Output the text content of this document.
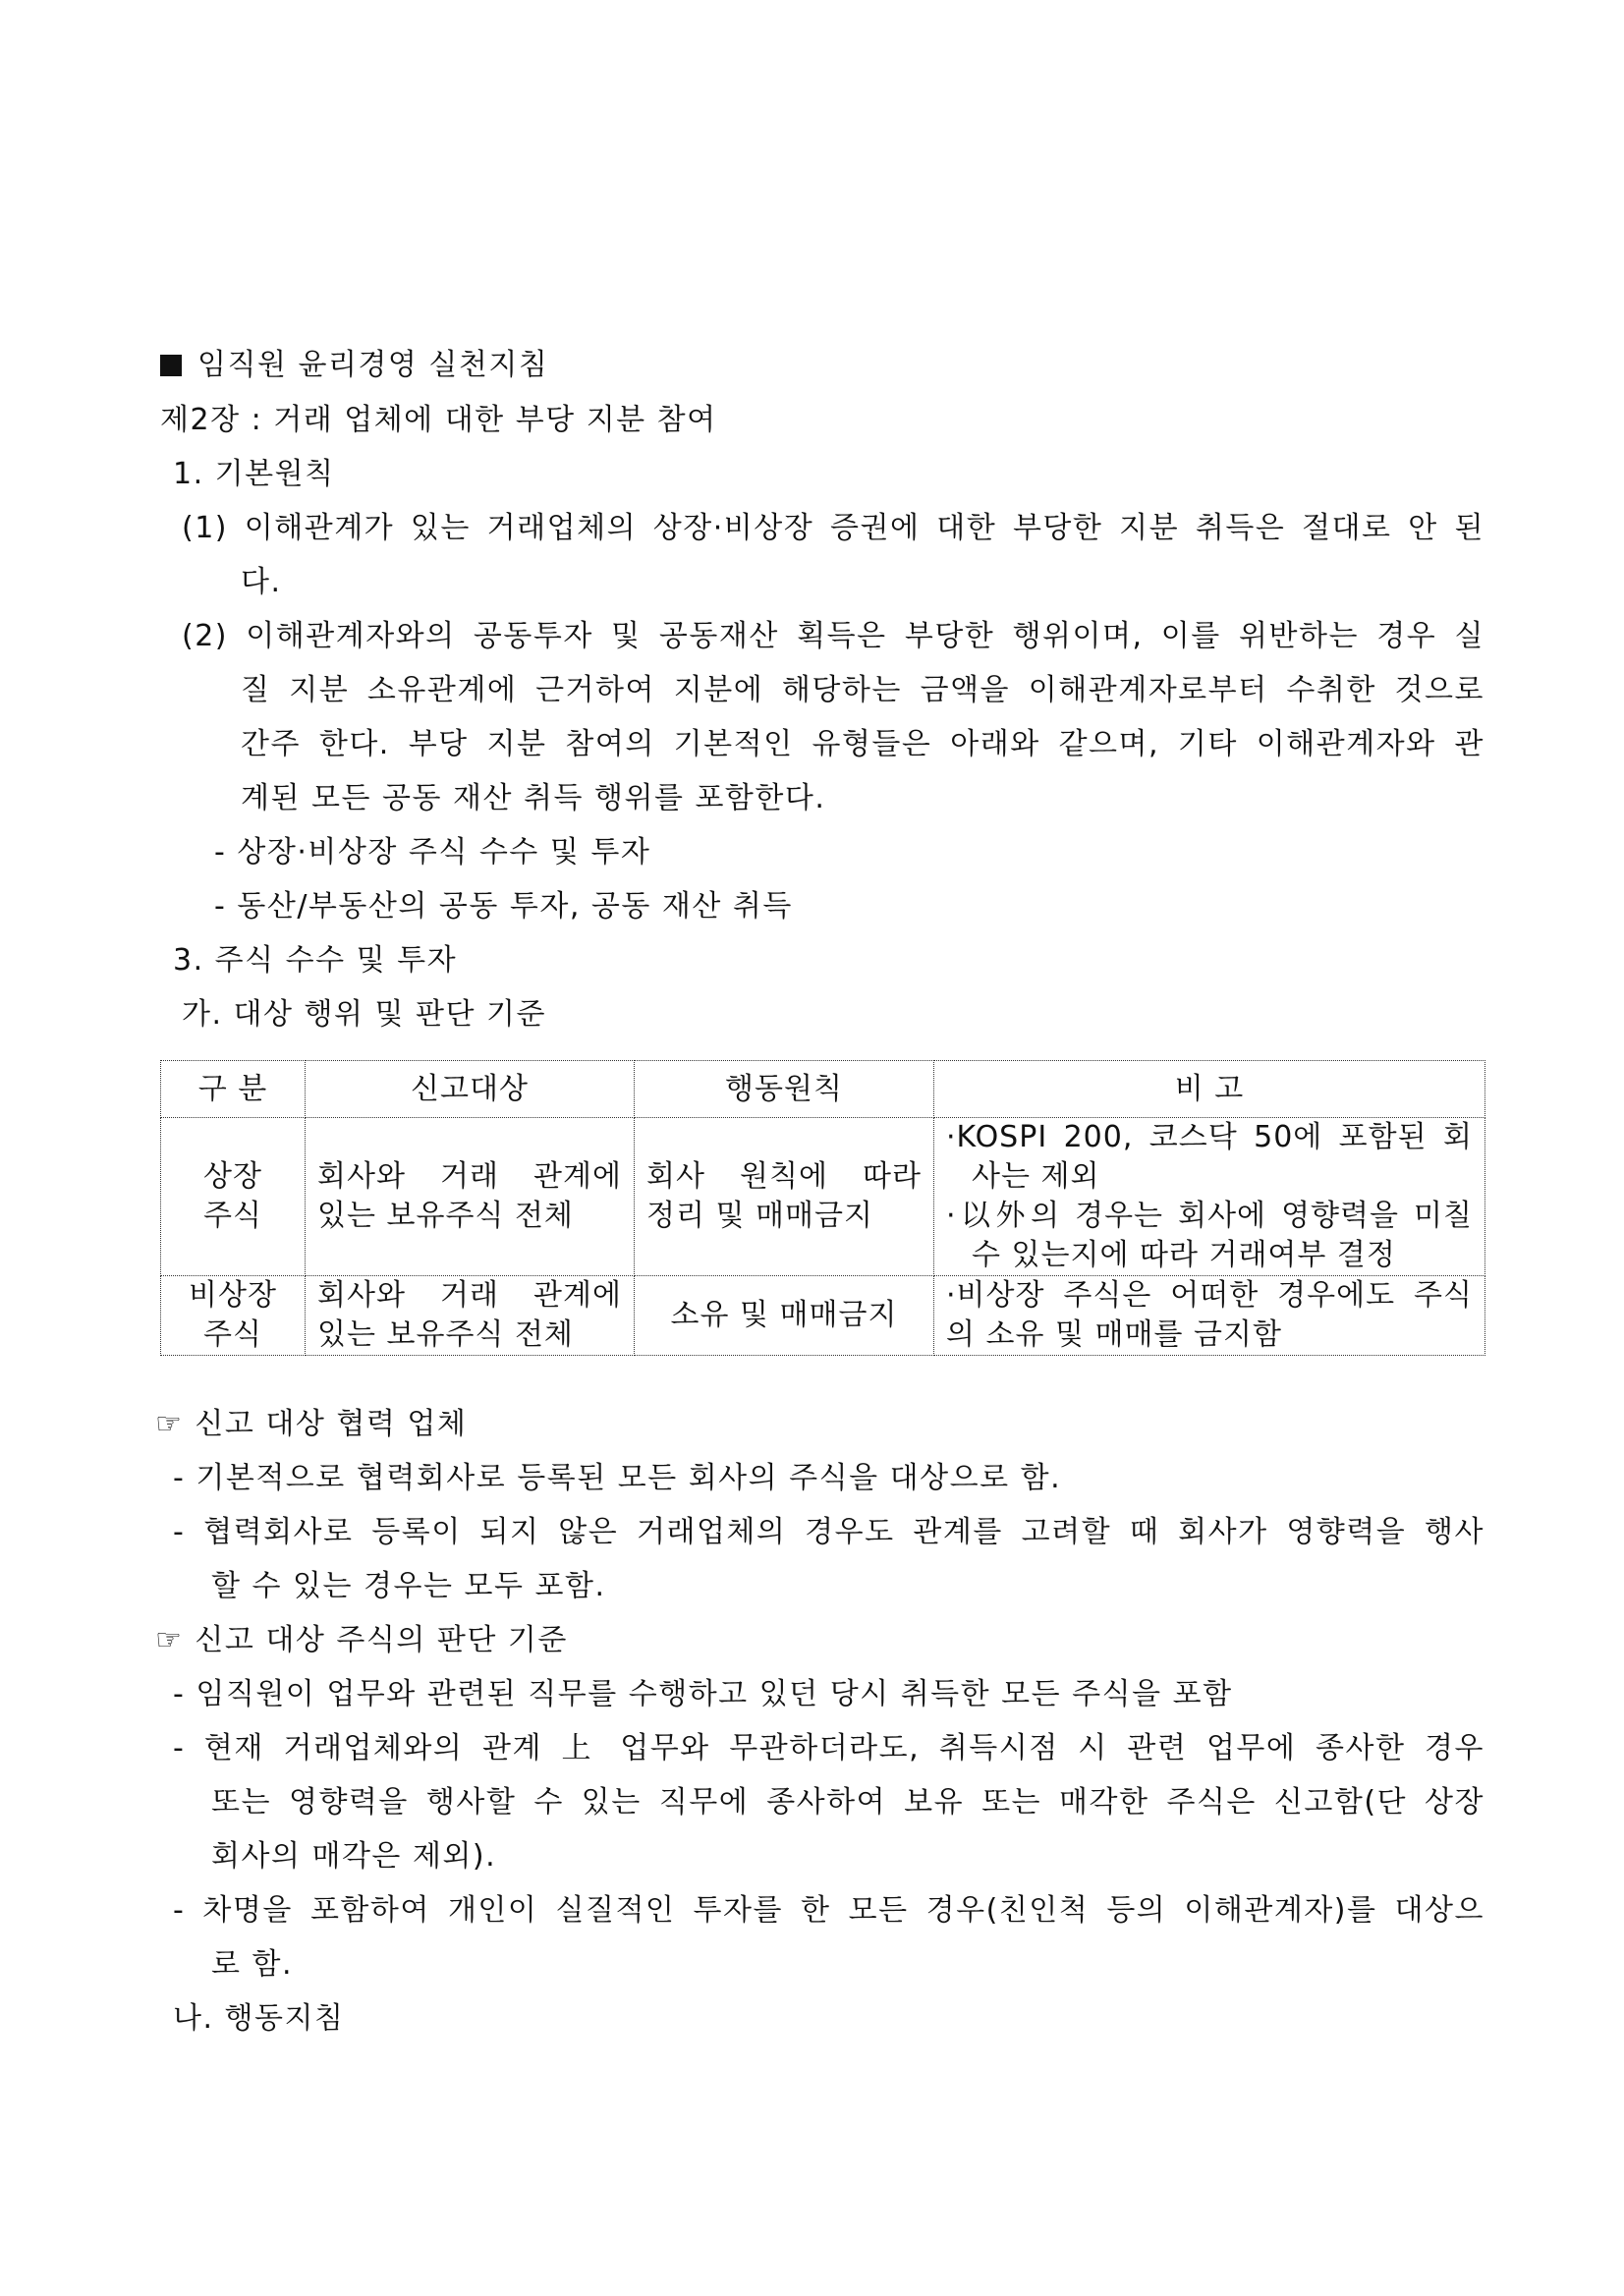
임직원 윤리경영 실천지침
제2장 : 거래 업체에 대한 부당 지분 참여
1. 기본원칙
(1) 이해관계가 있는 거래업체의 상장·비상장 증권에 대한 부당한 지분 취득은 절대로 안 된
다.
(2) 이해관계자와의 공동투자 및 공동재산 획득은 부당한 행위이며, 이를 위반하는 경우 실
질 지분 소유관계에 근거하여 지분에 해당하는 금액을 이해관계자로부터 수취한 것으로
간주 한다. 부당 지분 참여의 기본적인 유형들은 아래와 같으며, 기타 이해관계자와 관
계된 모든 공동 재산 취득 행위를 포함한다.
- 상장·비상장 주식 수수 및 투자
- 동산/부동산의 공동 투자, 공동 재산 취득
3. 주식 수수 및 투자
가. 대상 행위 및 판단 기준
구 분	신고대상	행동원칙	비 고

상장
주식	회사와 거래 관계에
있는 보유주식 전체	회사 원칙에 따라
정리 및 매매금지	·KOSPI 200, 코스닥 50에 포함된 회
사는 제외
·以外의 경우는 회사에 영향력을 미칠
수 있는지에 따라 거래여부 결정

비상장
주식	회사와 거래 관계에
있는 보유주식 전체	소유 및 매매금지	·비상장 주식은 어떠한 경우에도 주식
의 소유 및 매매를 금지함
☞ 신고 대상 협력 업체
- 기본적으로 협력회사로 등록된 모든 회사의 주식을 대상으로 함.
- 협력회사로 등록이 되지 않은 거래업체의 경우도 관계를 고려할 때 회사가 영향력을 행사
할 수 있는 경우는 모두 포함.
☞ 신고 대상 주식의 판단 기준
- 임직원이 업무와 관련된 직무를 수행하고 있던 당시 취득한 모든 주식을 포함
- 현재 거래업체와의 관계 上 업무와 무관하더라도, 취득시점 시 관련 업무에 종사한 경우
또는 영향력을 행사할 수 있는 직무에 종사하여 보유 또는 매각한 주식은 신고함(단 상장
회사의 매각은 제외).
- 차명을 포함하여 개인이 실질적인 투자를 한 모든 경우(친인척 등의 이해관계자)를 대상으
로 함.
나. 행동지침
